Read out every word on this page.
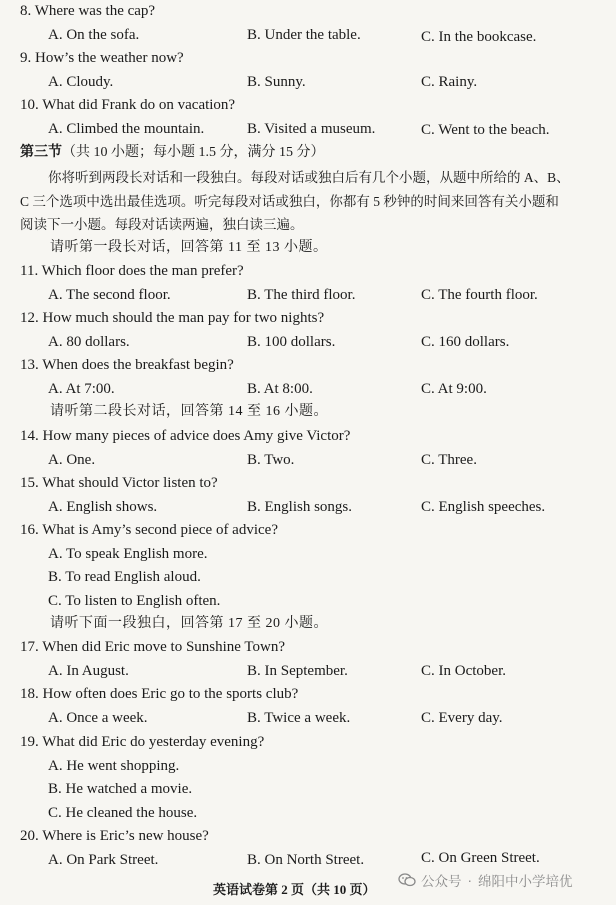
8. Where was the cap?
A. On the sofa.	B. Under the table.	C. In the bookcase.
9. How’s the weather now?
A. Cloudy.	B. Sunny.	C. Rainy.
10. What did Frank do on vacation?
A. Climbed the mountain.	B. Visited a museum.	C. Went to the beach.
第三节（共 10 小题；每小题 1.5 分，满分 15 分）
你将听到两段长对话和一段独白。每段对话或独白后有几个小题，从题中所给的 A、B、
C 三个选项中选出最佳选项。听完每段对话或独白，你都有 5 秒钟的时间来回答有关小题和
阅读下一小题。每段对话读两遍，独白读三遍。
请听第一段长对话，回答第 11 至 13 小题。
11. Which floor does the man prefer?
A. The second floor.	B. The third floor.	C. The fourth floor.
12. How much should the man pay for two nights?
A. 80 dollars.	B. 100 dollars.	C. 160 dollars.
13. When does the breakfast begin?
A. At 7:00.	B. At 8:00.	C. At 9:00.
请听第二段长对话，回答第 14 至 16 小题。
14. How many pieces of advice does Amy give Victor?
A. One.	B. Two.	C. Three.
15. What should Victor listen to?
A. English shows.	B. English songs.	C. English speeches.
16. What is Amy’s second piece of advice?
A. To speak English more.
B. To read English aloud.
C. To listen to English often.
请听下面一段独白，回答第 17 至 20 小题。
17. When did Eric move to Sunshine Town?
A. In August.	B. In September.	C. In October.
18. How often does Eric go to the sports club?
A. Once a week.	B. Twice a week.	C. Every day.
19. What did Eric do yesterday evening?
A. He went shopping.
B. He watched a movie.
C. He cleaned the house.
20. Where is Eric’s new house?
A. On Park Street.	B. On North Street.	C. On Green Street.
英语试卷第 2 页（共 10 页）
公众号 · 绵阳中小学培优
